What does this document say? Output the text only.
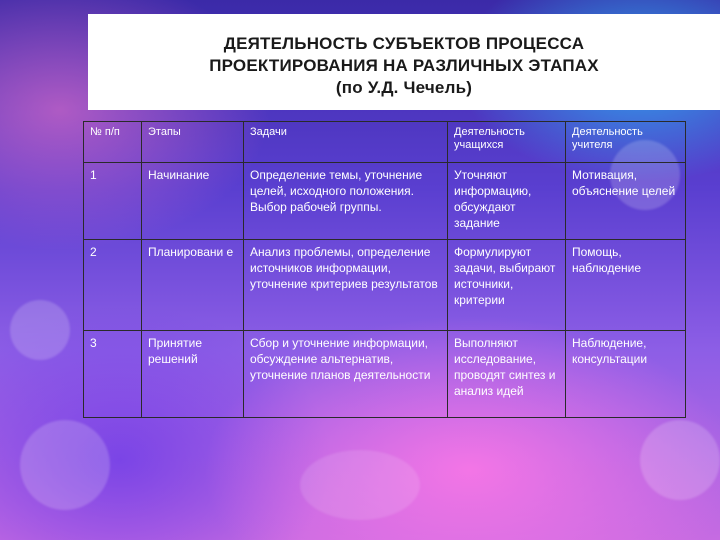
ДЕЯТЕЛЬНОСТЬ СУБЪЕКТОВ ПРОЦЕССА
ПРОЕКТИРОВАНИЯ НА РАЗЛИЧНЫХ ЭТАПАХ
(по У.Д. Чечель)
№ п/п	Этапы	Задачи	Деятельность учащихся	Деятельность учителя
1	Начинание	Определение темы, уточнение целей, исходного положения. Выбор рабочей группы.	Уточняют информацию, обсуждают задание	Мотивация, объяснение целей
2	Планировани е	Анализ проблемы, определение источников информации, уточнение критериев результатов	Формулируют задачи, выбирают источники, критерии	Помощь, наблюдение
3	Принятие решений	Сбор и уточнение информации, обсуждение альтернатив, уточнение планов деятельности	Выполняют исследование, проводят синтез и анализ идей	Наблюдение, консультации
